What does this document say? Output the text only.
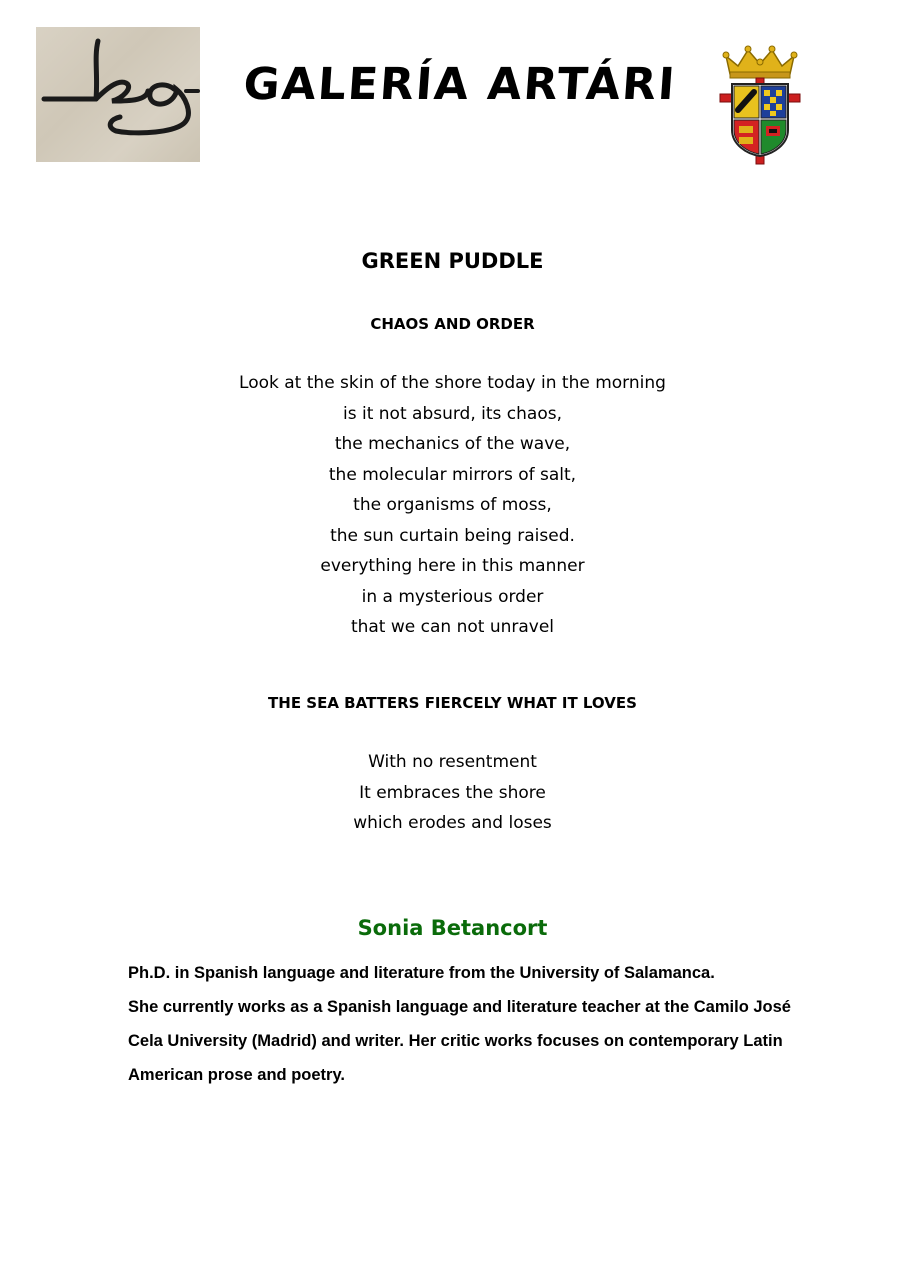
GALERÍA ARTÁRI
GREEN PUDDLE
CHAOS AND ORDER
Look at the skin of the shore today in the morning
is it not absurd, its chaos,
the mechanics of the wave,
the molecular mirrors of salt,
the organisms of moss,
the sun curtain being raised.
everything here in this manner
in a mysterious order
that we can not unravel
THE SEA BATTERS FIERCELY WHAT IT LOVES
With no resentment
It embraces the shore
which erodes and loses
Sonia Betancort
Ph.D. in Spanish language and literature from the University of Salamanca.
She currently works as a Spanish language and literature teacher at the Camilo José
Cela University (Madrid) and writer. Her critic works focuses on contemporary Latin
American prose and poetry.
